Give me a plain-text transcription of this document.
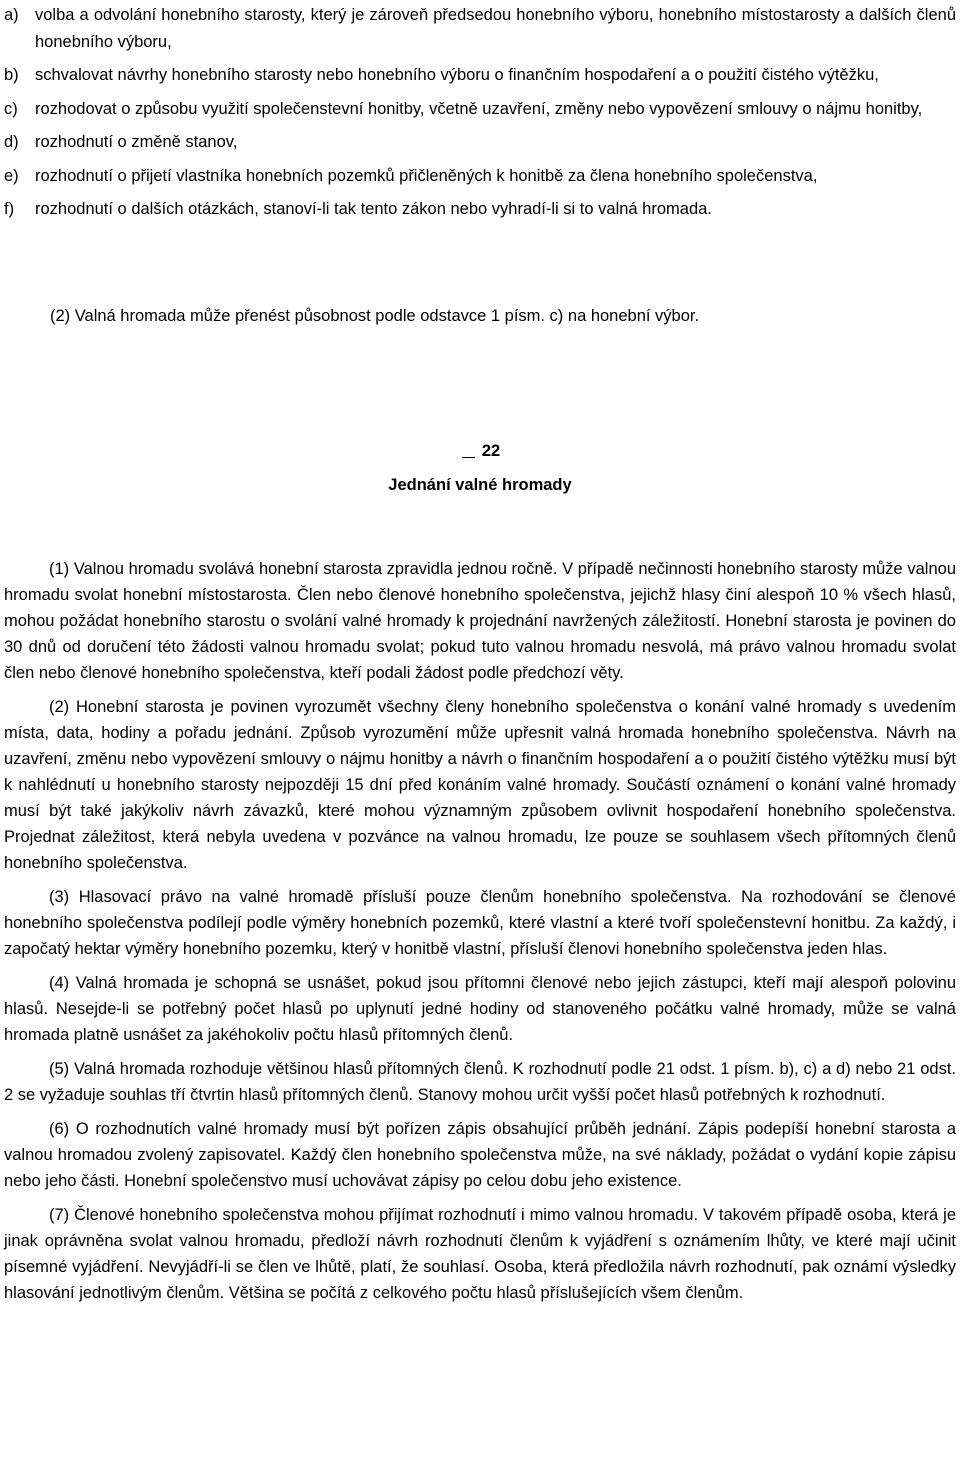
a) volba a odvolání honebního starosty, který je zároveň předsedou honebního výboru, honebního místostarosty a dalších členů honebního výboru,
b) schvalovat návrhy honebního starosty nebo honebního výboru o finančním hospodaření a o použití čistého výtěžku,
c)	rozhodovat o způsobu využití společenstevní honitby, včetně uzavření, změny nebo vypovězení smlouvy o nájmu honitby,
d) rozhodnutí o změně stanov,
e) rozhodnutí o přijetí vlastníka honebních pozemků přičleněných k honitbě za člena honebního společenstva,
f)	rozhodnutí o dalších otázkách, stanoví-li tak tento zákon nebo vyhradí-li si to valná hromada.
(2) Valná hromada může přenést působnost podle odstavce 1 písm. c) na honební výbor.
22
Jednání valné hromady

(1) Valnou hromadu svolává honební starosta zpravidla jednou ročně. V případě nečinnosti honebního starosty může valnou hromadu svolat honební místostarosta. Člen nebo členové honebního společenstva, jejichž hlasy činí alespoň 10 % všech hlasů, mohou požádat honebního starostu o svolání valné hromady k projednání navržených záležitostí. Honební starosta je povinen do 30 dnů od doručení této žádosti valnou hromadu svolat; pokud tuto valnou hromadu nesvolá, má právo valnou hromadu svolat člen nebo členové honebního společenstva, kteří podali žádost podle předchozí věty.

(2) Honební starosta je povinen vyrozumět všechny členy honebního společenstva o konání valné hromady s uvedením místa, data, hodiny a pořadu jednání. Způsob vyrozumění může upřesnit valná hromada honebního společenstva. Návrh na uzavření, změnu nebo vypovězení smlouvy o nájmu honitby a návrh o finančním hospodaření a o použití čistého výtěžku musí být k nahlédnutí u honebního starosty nejpozději 15 dní před konáním valné hromady. Součástí oznámení o konání valné hromady musí být také jakýkoliv návrh závazků, které mohou významným způsobem ovlivnit hospodaření honebního společenstva. Projednat záležitost, která nebyla uvedena v pozvánce na valnou hromadu, lze pouze se souhlasem všech přítomných členů honebního společenstva.

(3) Hlasovací právo na valné hromadě přísluší pouze členům honebního společenstva. Na rozhodování se členové honebního společenstva podílejí podle výměry honebních pozemků, které vlastní a které tvoří společenstevní honitbu. Za každý, i započatý hektar výměry honebního pozemku, který v honitbě vlastní, přísluší členovi honebního společenstva jeden hlas.

(4) Valná hromada je schopná se usnášet, pokud jsou přítomni členové nebo jejich zástupci, kteří mají alespoň polovinu hlasů. Nesejde-li se potřebný počet hlasů po uplynutí jedné hodiny od stanoveného počátku valné hromady, může se valná hromada platně usnášet za jakéhokoliv počtu hlasů přítomných členů.

(5) Valná hromada rozhoduje většinou hlasů přítomných členů. K rozhodnutí podle 21 odst. 1 písm. b), c) a d) nebo 21 odst. 2 se vyžaduje souhlas tří čtvrtin hlasů přítomných členů. Stanovy mohou určit vyšší počet hlasů potřebných k rozhodnutí.

(6) O rozhodnutích valné hromady musí být pořízen zápis obsahující průběh jednání. Zápis podepíší honební starosta a valnou hromadou zvolený zapisovatel. Každý člen honebního společenstva může, na své náklady, požádat o vydání kopie zápisu nebo jeho části. Honební společenstvo musí uchovávat zápisy po celou dobu jeho existence.

(7) Členové honebního společenstva mohou přijímat rozhodnutí i mimo valnou hromadu. V takovém případě osoba, která je jinak oprávněna svolat valnou hromadu, předloží návrh rozhodnutí členům k vyjádření s oznámením lhůty, ve které mají učinit písemné vyjádření. Nevyjádří-li se člen ve lhůtě, platí, že souhlasí. Osoba, která předložila návrh rozhodnutí, pak oznámí výsledky hlasování jednotlivým členům. Většina se počítá z celkového počtu hlasů příslušejících všem členům.
